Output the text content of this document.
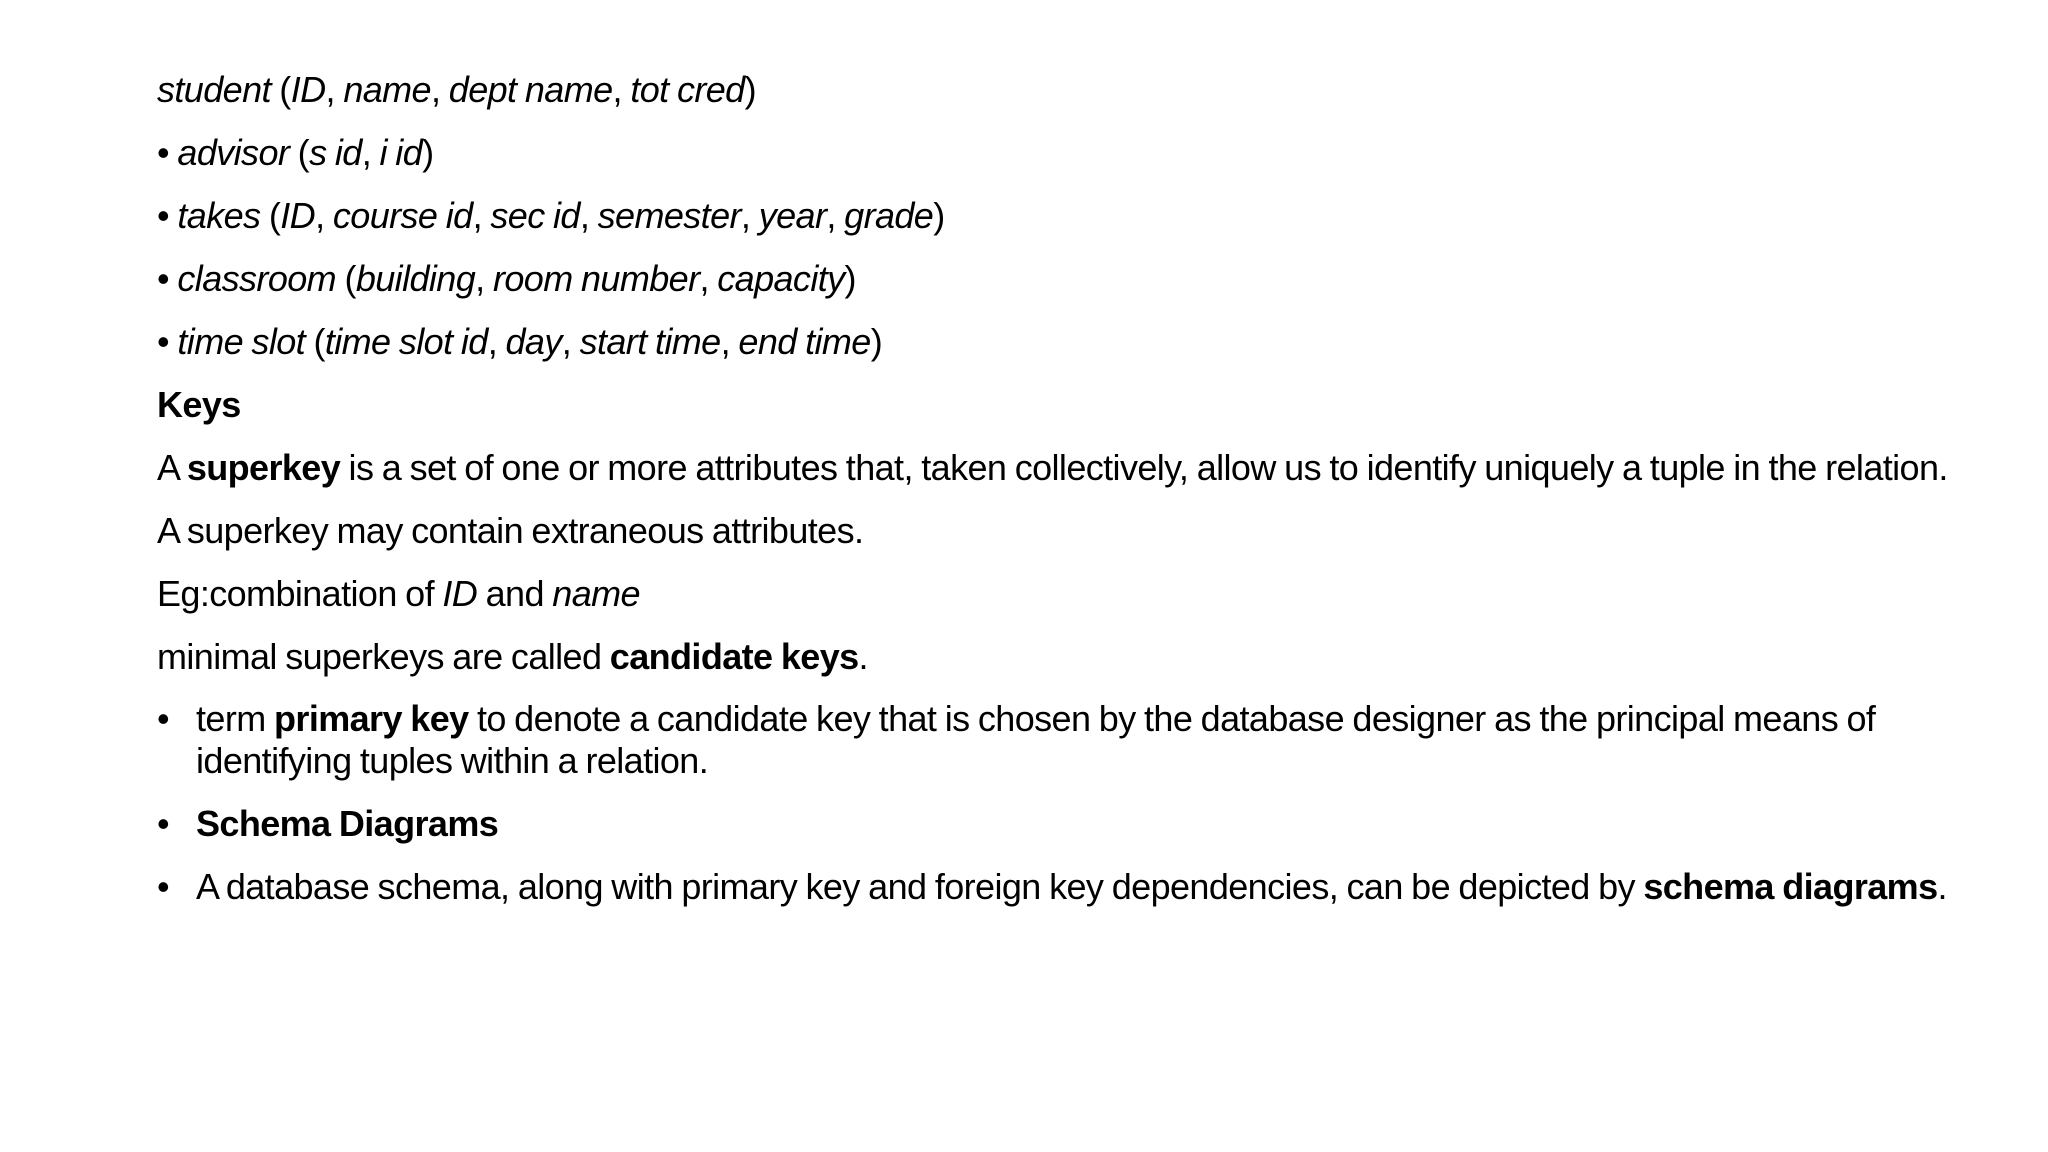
student (ID, name, dept name, tot cred)
• advisor (s id, i id)
• takes (ID, course id, sec id, semester, year, grade)
• classroom (building, room number, capacity)
• time slot (time slot id, day, start time, end time)
Keys
A superkey is a set of one or more attributes that, taken collectively, allow us to identify uniquely a tuple in the relation.
A superkey may contain extraneous attributes.
Eg:combination of ID and name
minimal superkeys are called candidate keys.
• term primary key to denote a candidate key that is chosen by the database designer as the principal means of identifying tuples within a relation.
• Schema Diagrams
• A database schema, along with primary key and foreign key dependencies, can be depicted by schema diagrams.
